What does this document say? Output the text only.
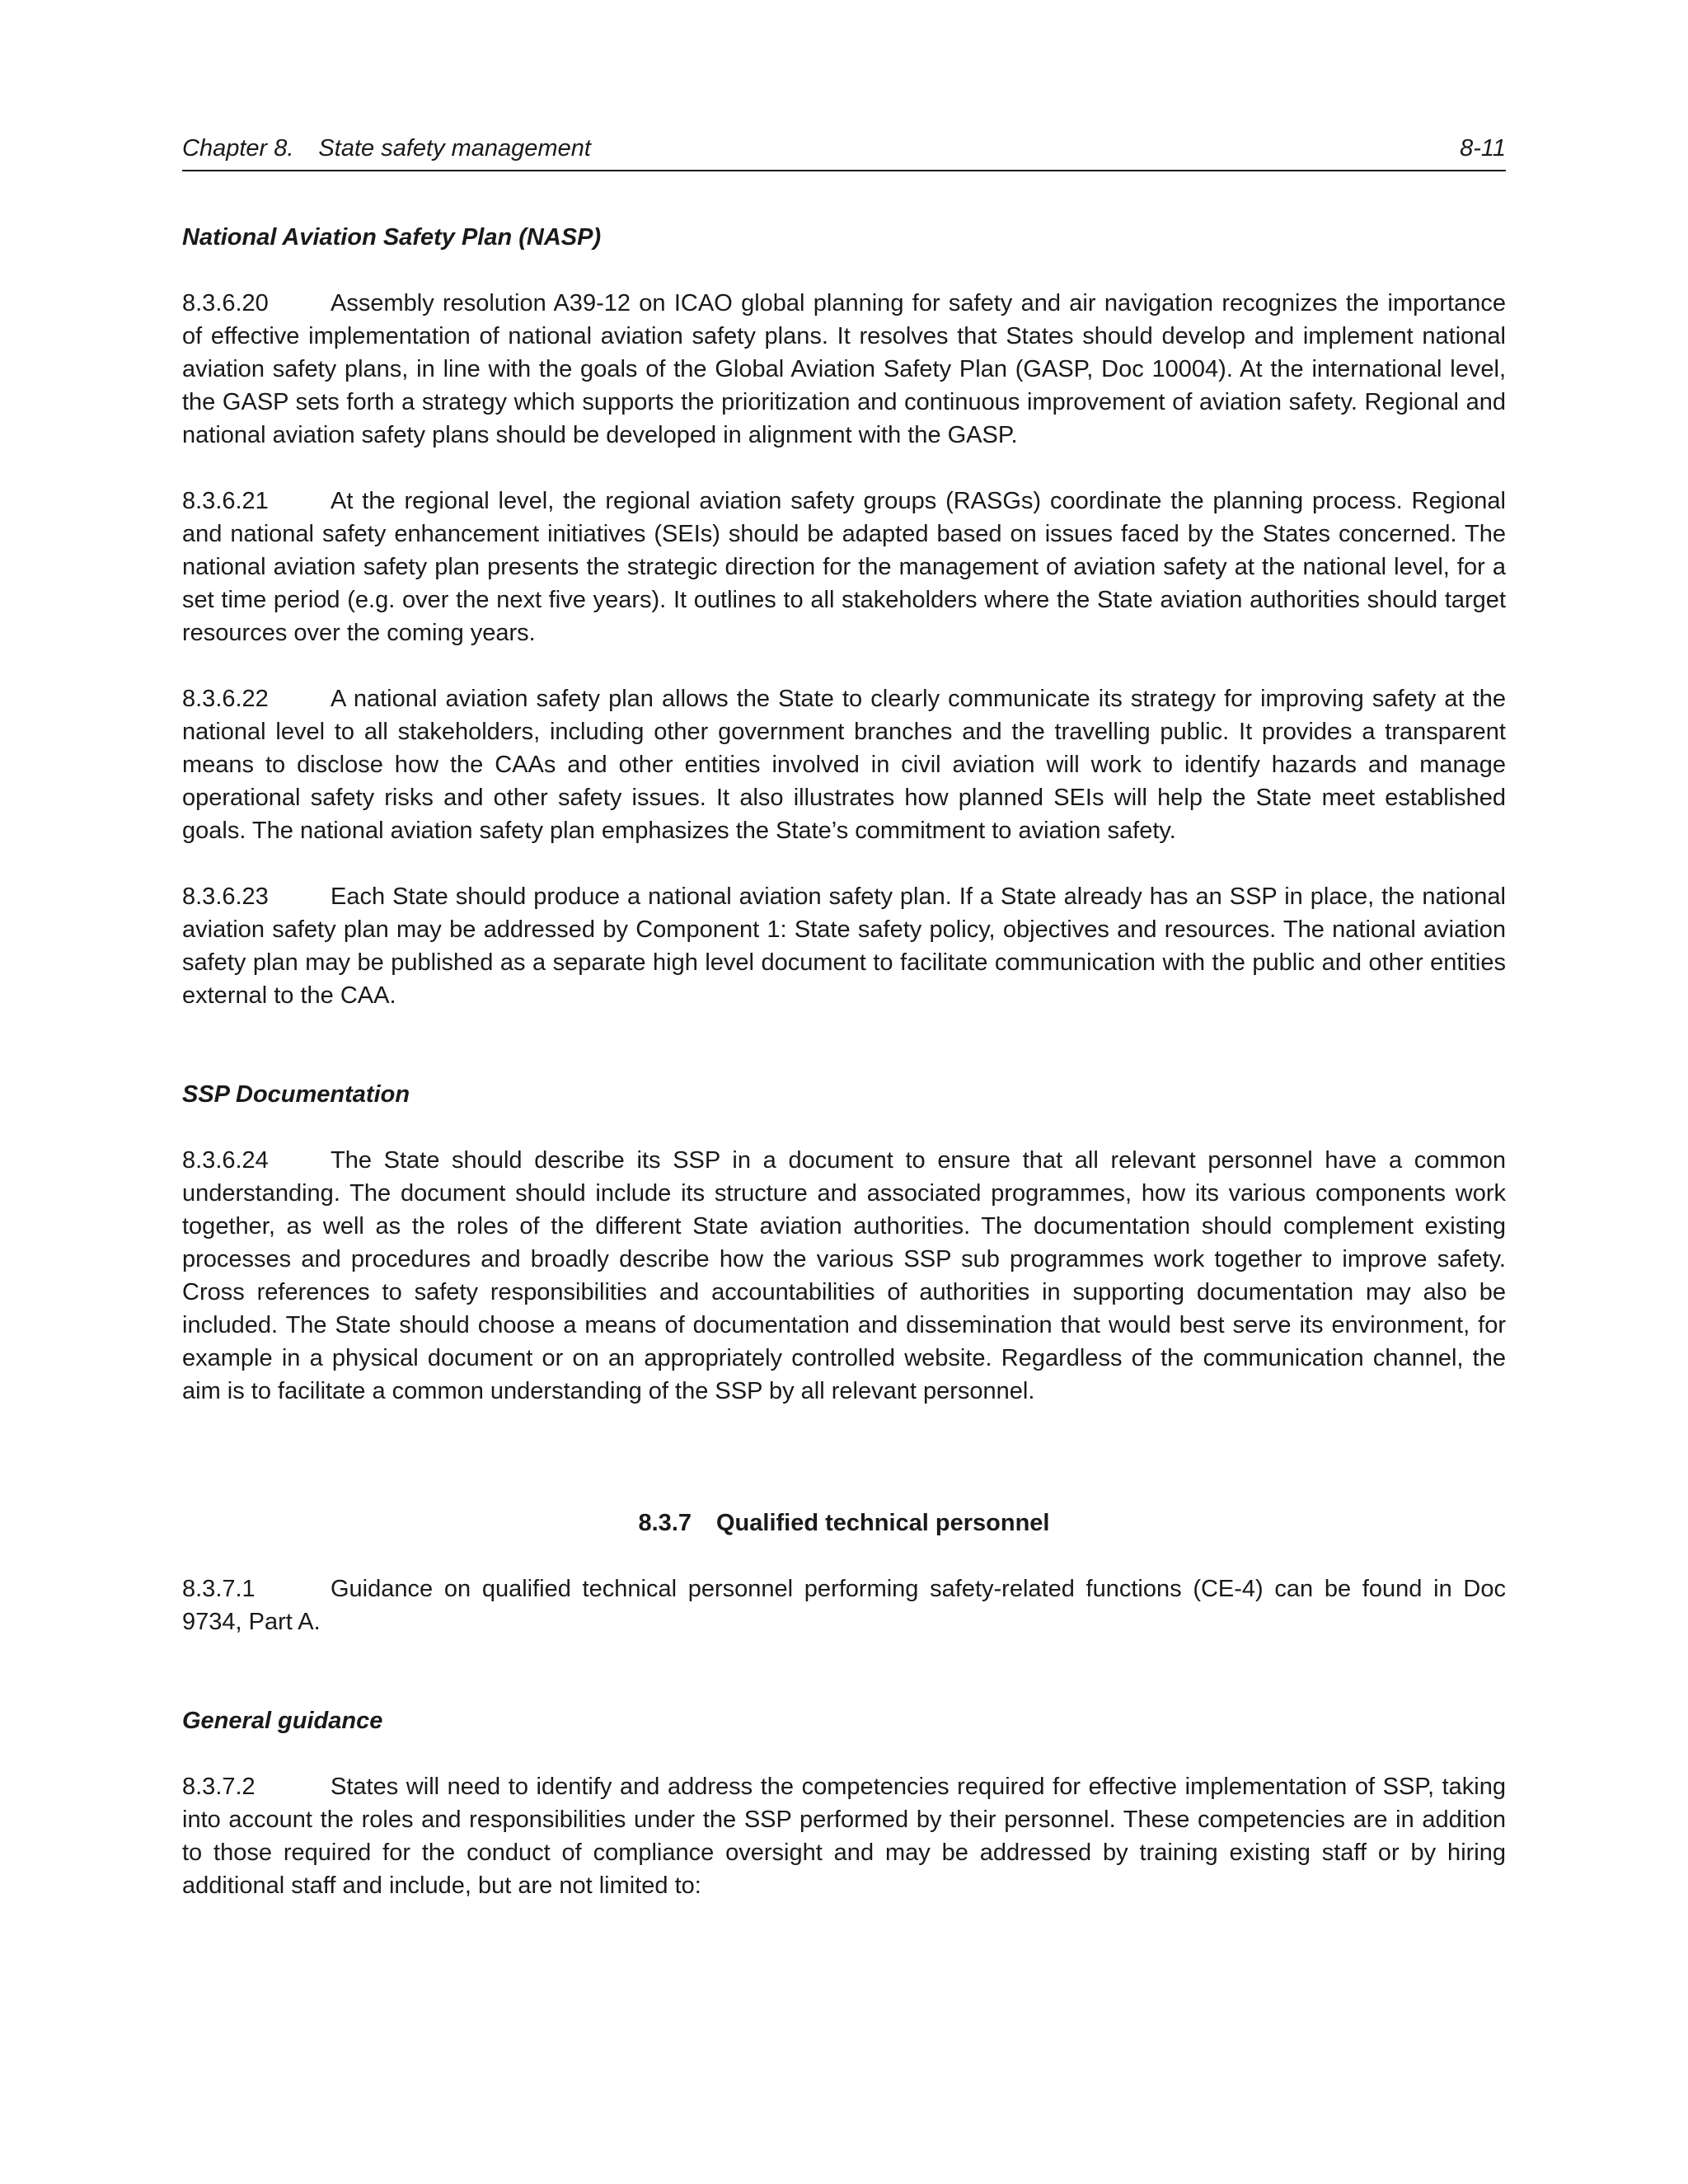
Chapter 8. State safety management	8-11
National Aviation Safety Plan (NASP)

8.3.6.20	Assembly resolution A39-12 on ICAO global planning for safety and air navigation recognizes the importance of effective implementation of national aviation safety plans. It resolves that States should develop and implement national aviation safety plans, in line with the goals of the Global Aviation Safety Plan (GASP, Doc 10004). At the international level, the GASP sets forth a strategy which supports the prioritization and continuous improvement of aviation safety. Regional and national aviation safety plans should be developed in alignment with the GASP.

8.3.6.21	At the regional level, the regional aviation safety groups (RASGs) coordinate the planning process. Regional and national safety enhancement initiatives (SEIs) should be adapted based on issues faced by the States concerned. The national aviation safety plan presents the strategic direction for the management of aviation safety at the national level, for a set time period (e.g. over the next five years). It outlines to all stakeholders where the State aviation authorities should target resources over the coming years.

8.3.6.22	A national aviation safety plan allows the State to clearly communicate its strategy for improving safety at the national level to all stakeholders, including other government branches and the travelling public. It provides a transparent means to disclose how the CAAs and other entities involved in civil aviation will work to identify hazards and manage operational safety risks and other safety issues. It also illustrates how planned SEIs will help the State meet established goals. The national aviation safety plan emphasizes the State’s commitment to aviation safety.

8.3.6.23	Each State should produce a national aviation safety plan. If a State already has an SSP in place, the national aviation safety plan may be addressed by Component 1: State safety policy, objectives and resources. The national aviation safety plan may be published as a separate high level document to facilitate communication with the public and other entities external to the CAA.

SSP Documentation

8.3.6.24	The State should describe its SSP in a document to ensure that all relevant personnel have a common understanding. The document should include its structure and associated programmes, how its various components work together, as well as the roles of the different State aviation authorities. The documentation should complement existing processes and procedures and broadly describe how the various SSP sub programmes work together to improve safety. Cross references to safety responsibilities and accountabilities of authorities in supporting documentation may also be included. The State should choose a means of documentation and dissemination that would best serve its environment, for example in a physical document or on an appropriately controlled website. Regardless of the communication channel, the aim is to facilitate a common understanding of the SSP by all relevant personnel.

8.3.7 Qualified technical personnel

8.3.7.1	Guidance on qualified technical personnel performing safety-related functions (CE-4) can be found in Doc 9734, Part A.

General guidance

8.3.7.2	States will need to identify and address the competencies required for effective implementation of SSP, taking into account the roles and responsibilities under the SSP performed by their personnel. These competencies are in addition to those required for the conduct of compliance oversight and may be addressed by training existing staff or by hiring additional staff and include, but are not limited to:
